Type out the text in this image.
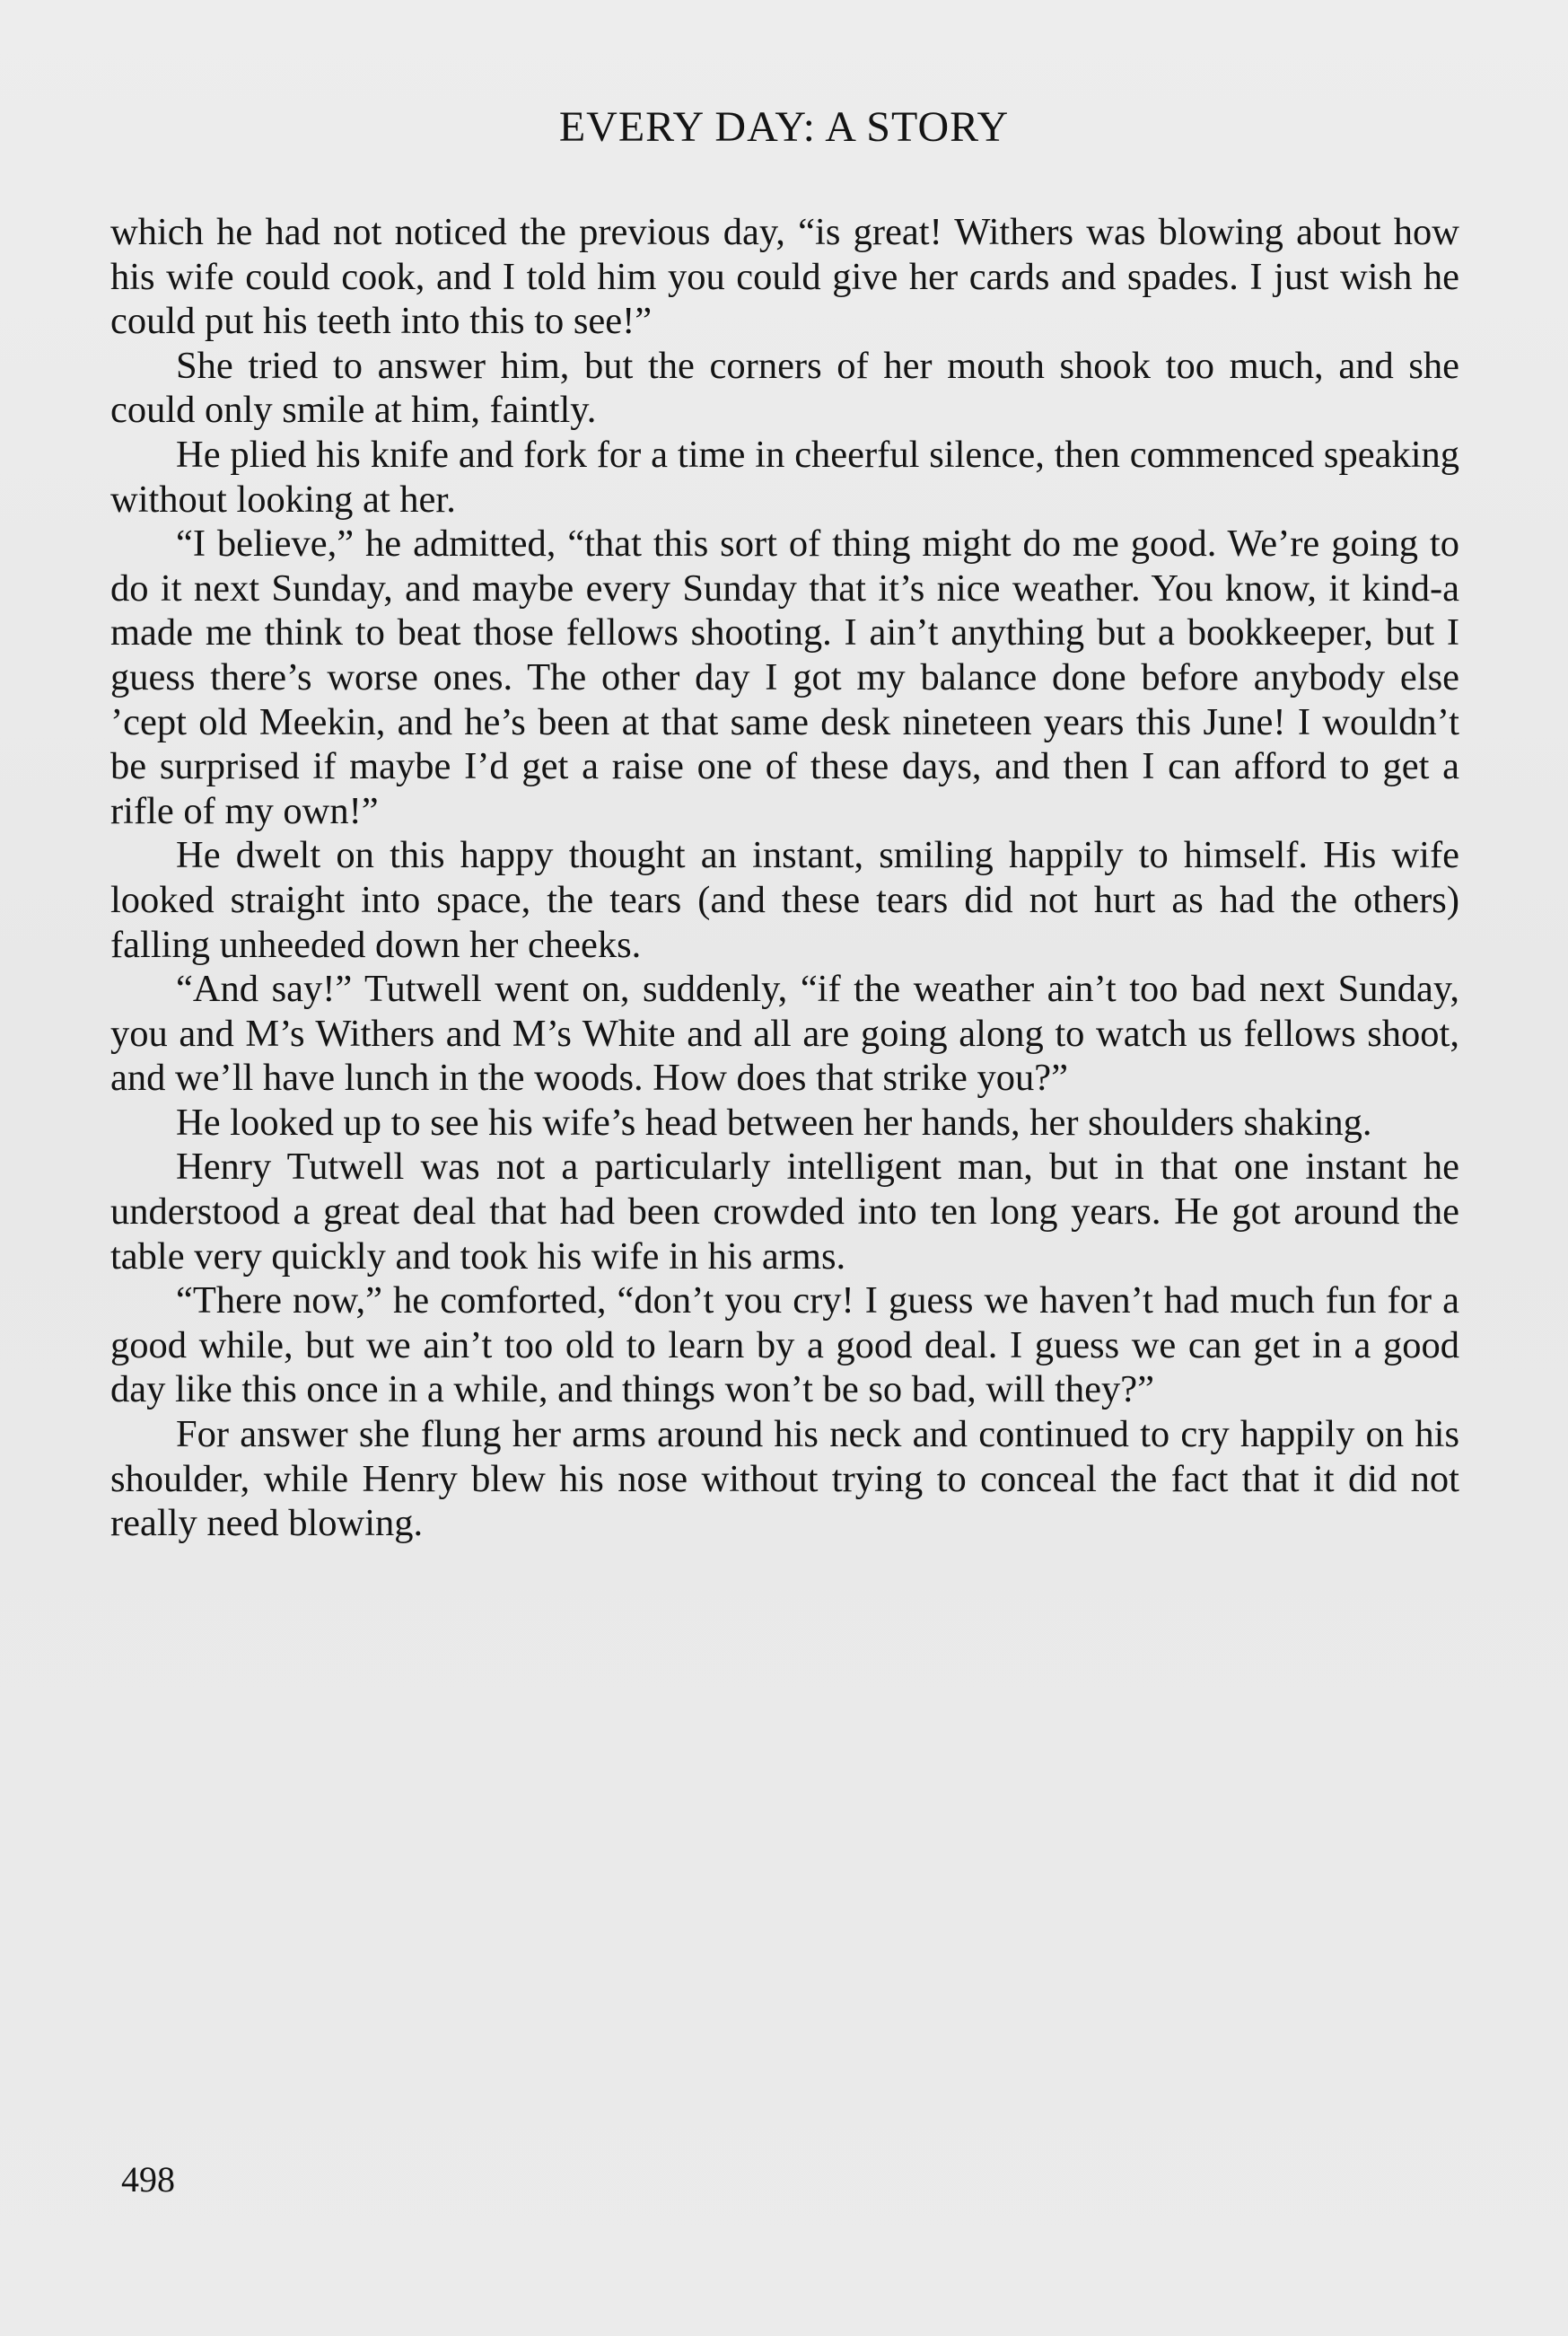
EVERY DAY: A STORY

which he had not noticed the previous day, “is great! Withers was blowing about how his wife could cook, and I told him you could give her cards and spades. I just wish he could put his teeth into this to see!”

She tried to answer him, but the corners of her mouth shook too much, and she could only smile at him, faintly.

He plied his knife and fork for a time in cheerful silence, then commenced speaking without looking at her.

“I believe,” he admitted, “that this sort of thing might do me good. We’re going to do it next Sunday, and maybe every Sunday that it’s nice weather. You know, it kind-a made me think to beat those fellows shooting. I ain’t anything but a bookkeeper, but I guess there’s worse ones. The other day I got my balance done before anybody else ’cept old Meekin, and he’s been at that same desk nineteen years this June! I wouldn’t be surprised if maybe I’d get a raise one of these days, and then I can afford to get a rifle of my own!”

He dwelt on this happy thought an instant, smiling happily to himself. His wife looked straight into space, the tears (and these tears did not hurt as had the others) falling unheeded down her cheeks.

“And say!” Tutwell went on, suddenly, “if the weather ain’t too bad next Sunday, you and M’s Withers and M’s White and all are going along to watch us fellows shoot, and we’ll have lunch in the woods. How does that strike you?”

He looked up to see his wife’s head between her hands, her shoulders shaking.

Henry Tutwell was not a particularly intelligent man, but in that one instant he understood a great deal that had been crowded into ten long years. He got around the table very quickly and took his wife in his arms.

“There now,” he comforted, “don’t you cry! I guess we haven’t had much fun for a good while, but we ain’t too old to learn by a good deal. I guess we can get in a good day like this once in a while, and things won’t be so bad, will they?”

For answer she flung her arms around his neck and continued to cry happily on his shoulder, while Henry blew his nose without trying to conceal the fact that it did not really need blowing.

498
